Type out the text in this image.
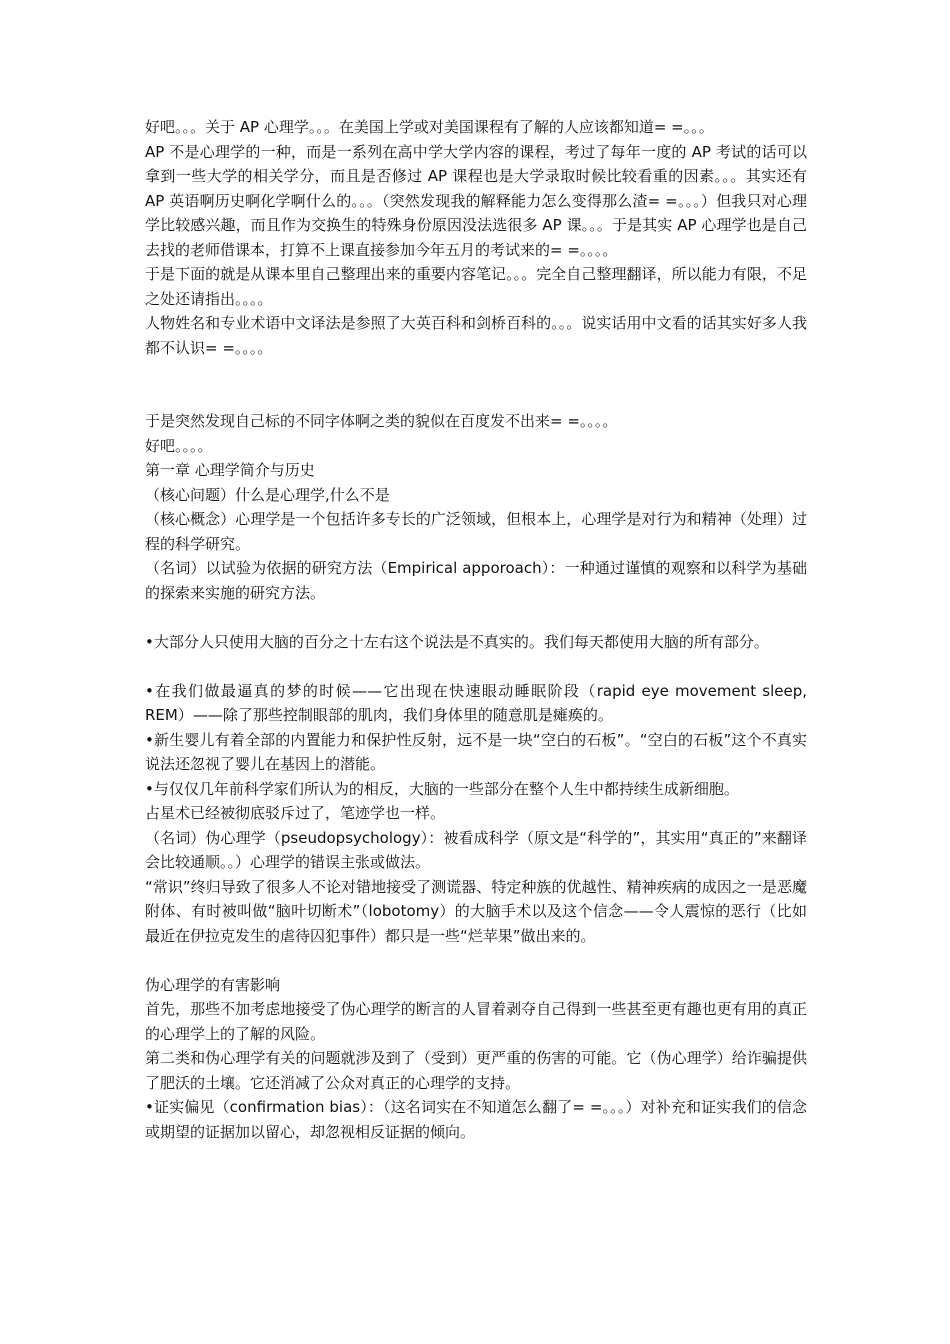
好吧。。。关于 AP 心理学。。。在美国上学或对美国课程有了解的人应该都知道= =。。。

AP 不是心理学的一种，而是一系列在高中学大学内容的课程，考过了每年一度的 AP 考试的话可以拿到一些大学的相关学分，而且是否修过 AP 课程也是大学录取时候比较看重的因素。。。其实还有 AP 英语啊历史啊化学啊什么的。。。（突然发现我的解释能力怎么变得那么渣= =。。。）但我只对心理学比较感兴趣，而且作为交换生的特殊身份原因没法选很多 AP 课。。。于是其实 AP 心理学也是自己去找的老师借课本，打算不上课直接参加今年五月的考试来的= =。。。。

于是下面的就是从课本里自己整理出来的重要内容笔记。。。完全自己整理翻译，所以能力有限，不足之处还请指出。。。。

人物姓名和专业术语中文译法是参照了大英百科和剑桥百科的。。。说实话用中文看的话其实好多人我都不认识= =。。。。

于是突然发现自己标的不同字体啊之类的貌似在百度发不出来= =。。。。

好吧。。。。

第一章 心理学简介与历史

（核心问题）什么是心理学,什么不是

（核心概念）心理学是一个包括许多专长的广泛领域，但根本上，心理学是对行为和精神（处理）过程的科学研究。

（名词）以试验为依据的研究方法（Empirical apporoach）：一种通过谨慎的观察和以科学为基础的探索来实施的研究方法。

•大部分人只使用大脑的百分之十左右这个说法是不真实的。我们每天都使用大脑的所有部分。

•在我们做最逼真的梦的时候——它出现在快速眼动睡眠阶段（rapid eye movement sleep, REM）——除了那些控制眼部的肌肉，我们身体里的随意肌是瘫痪的。

•新生婴儿有着全部的内置能力和保护性反射，远不是一块“空白的石板”。“空白的石板”这个不真实说法还忽视了婴儿在基因上的潜能。

•与仅仅几年前科学家们所认为的相反，大脑的一些部分在整个人生中都持续生成新细胞。

占星术已经被彻底驳斥过了，笔迹学也一样。

（名词）伪心理学（pseudopsychology）：被看成科学（原文是“科学的”，其实用“真正的”来翻译会比较通顺。。）心理学的错误主张或做法。

“常识”终归导致了很多人不论对错地接受了测谎器、特定种族的优越性、精神疾病的成因之一是恶魔附体、有时被叫做“脑叶切断术”（lobotomy）的大脑手术以及这个信念——令人震惊的恶行（比如最近在伊拉克发生的虐待囚犯事件）都只是一些“烂苹果”做出来的。

伪心理学的有害影响

首先，那些不加考虑地接受了伪心理学的断言的人冒着剥夺自己得到一些甚至更有趣也更有用的真正的心理学上的了解的风险。

第二类和伪心理学有关的问题就涉及到了（受到）更严重的伤害的可能。它（伪心理学）给诈骗提供了肥沃的土壤。它还消减了公众对真正的心理学的支持。

•证实偏见（confirmation bias）：（这名词实在不知道怎么翻了= =。。。）对补充和证实我们的信念或期望的证据加以留心，却忽视相反证据的倾向。
